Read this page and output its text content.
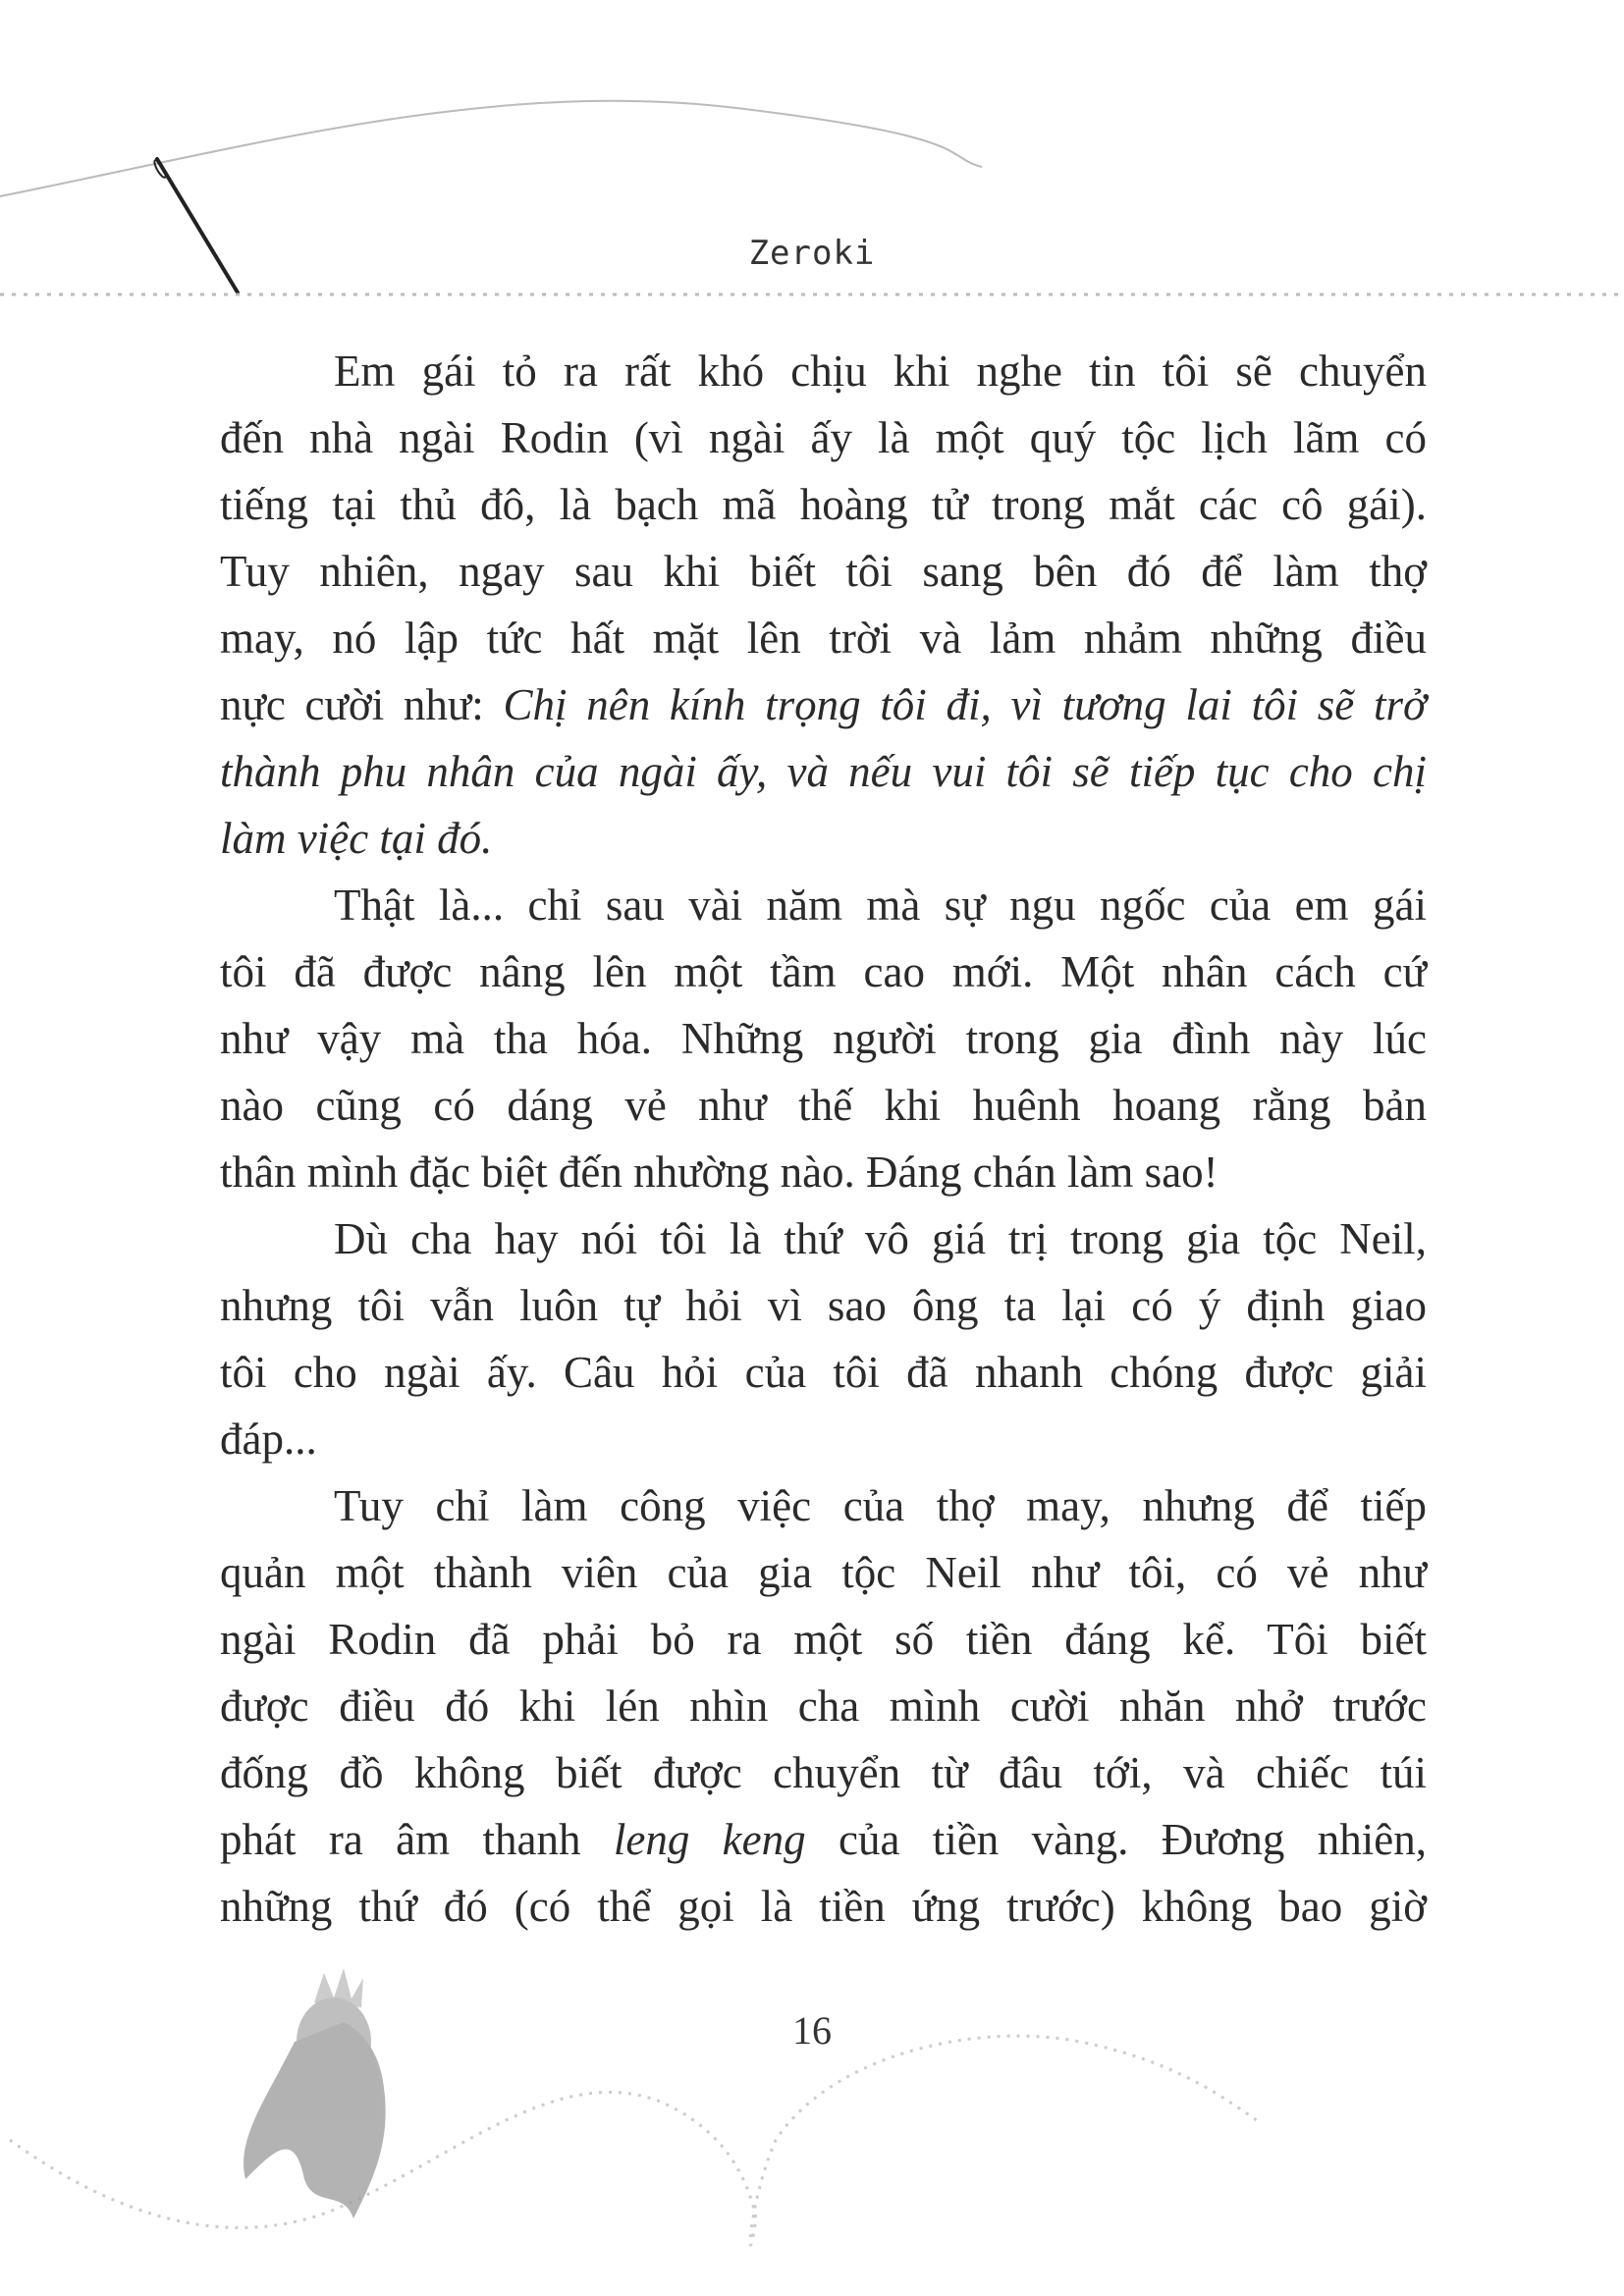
Zeroki
Em gái tỏ ra rất khó chịu khi nghe tin tôi sẽ chuyển
đến nhà ngài Rodin (vì ngài ấy là một quý tộc lịch lãm có
tiếng tại thủ đô, là bạch mã hoàng tử trong mắt các cô gái).
Tuy nhiên, ngay sau khi biết tôi sang bên đó để làm thợ
may, nó lập tức hất mặt lên trời và lảm nhảm những điều
nực cười như: Chị nên kính trọng tôi đi, vì tương lai tôi sẽ trở
thành phu nhân của ngài ấy, và nếu vui tôi sẽ tiếp tục cho chị
làm việc tại đó.
Thật là... chỉ sau vài năm mà sự ngu ngốc của em gái
tôi đã được nâng lên một tầm cao mới. Một nhân cách cứ
như vậy mà tha hóa. Những người trong gia đình này lúc
nào cũng có dáng vẻ như thế khi huênh hoang rằng bản
thân mình đặc biệt đến nhường nào. Đáng chán làm sao!
Dù cha hay nói tôi là thứ vô giá trị trong gia tộc Neil,
nhưng tôi vẫn luôn tự hỏi vì sao ông ta lại có ý định giao
tôi cho ngài ấy. Câu hỏi của tôi đã nhanh chóng được giải
đáp...
Tuy chỉ làm công việc của thợ may, nhưng để tiếp
quản một thành viên của gia tộc Neil như tôi, có vẻ như
ngài Rodin đã phải bỏ ra một số tiền đáng kể. Tôi biết
được điều đó khi lén nhìn cha mình cười nhăn nhở trước
đống đồ không biết được chuyển từ đâu tới, và chiếc túi
phát ra âm thanh leng keng của tiền vàng. Đương nhiên,
những thứ đó (có thể gọi là tiền ứng trước) không bao giờ
16
